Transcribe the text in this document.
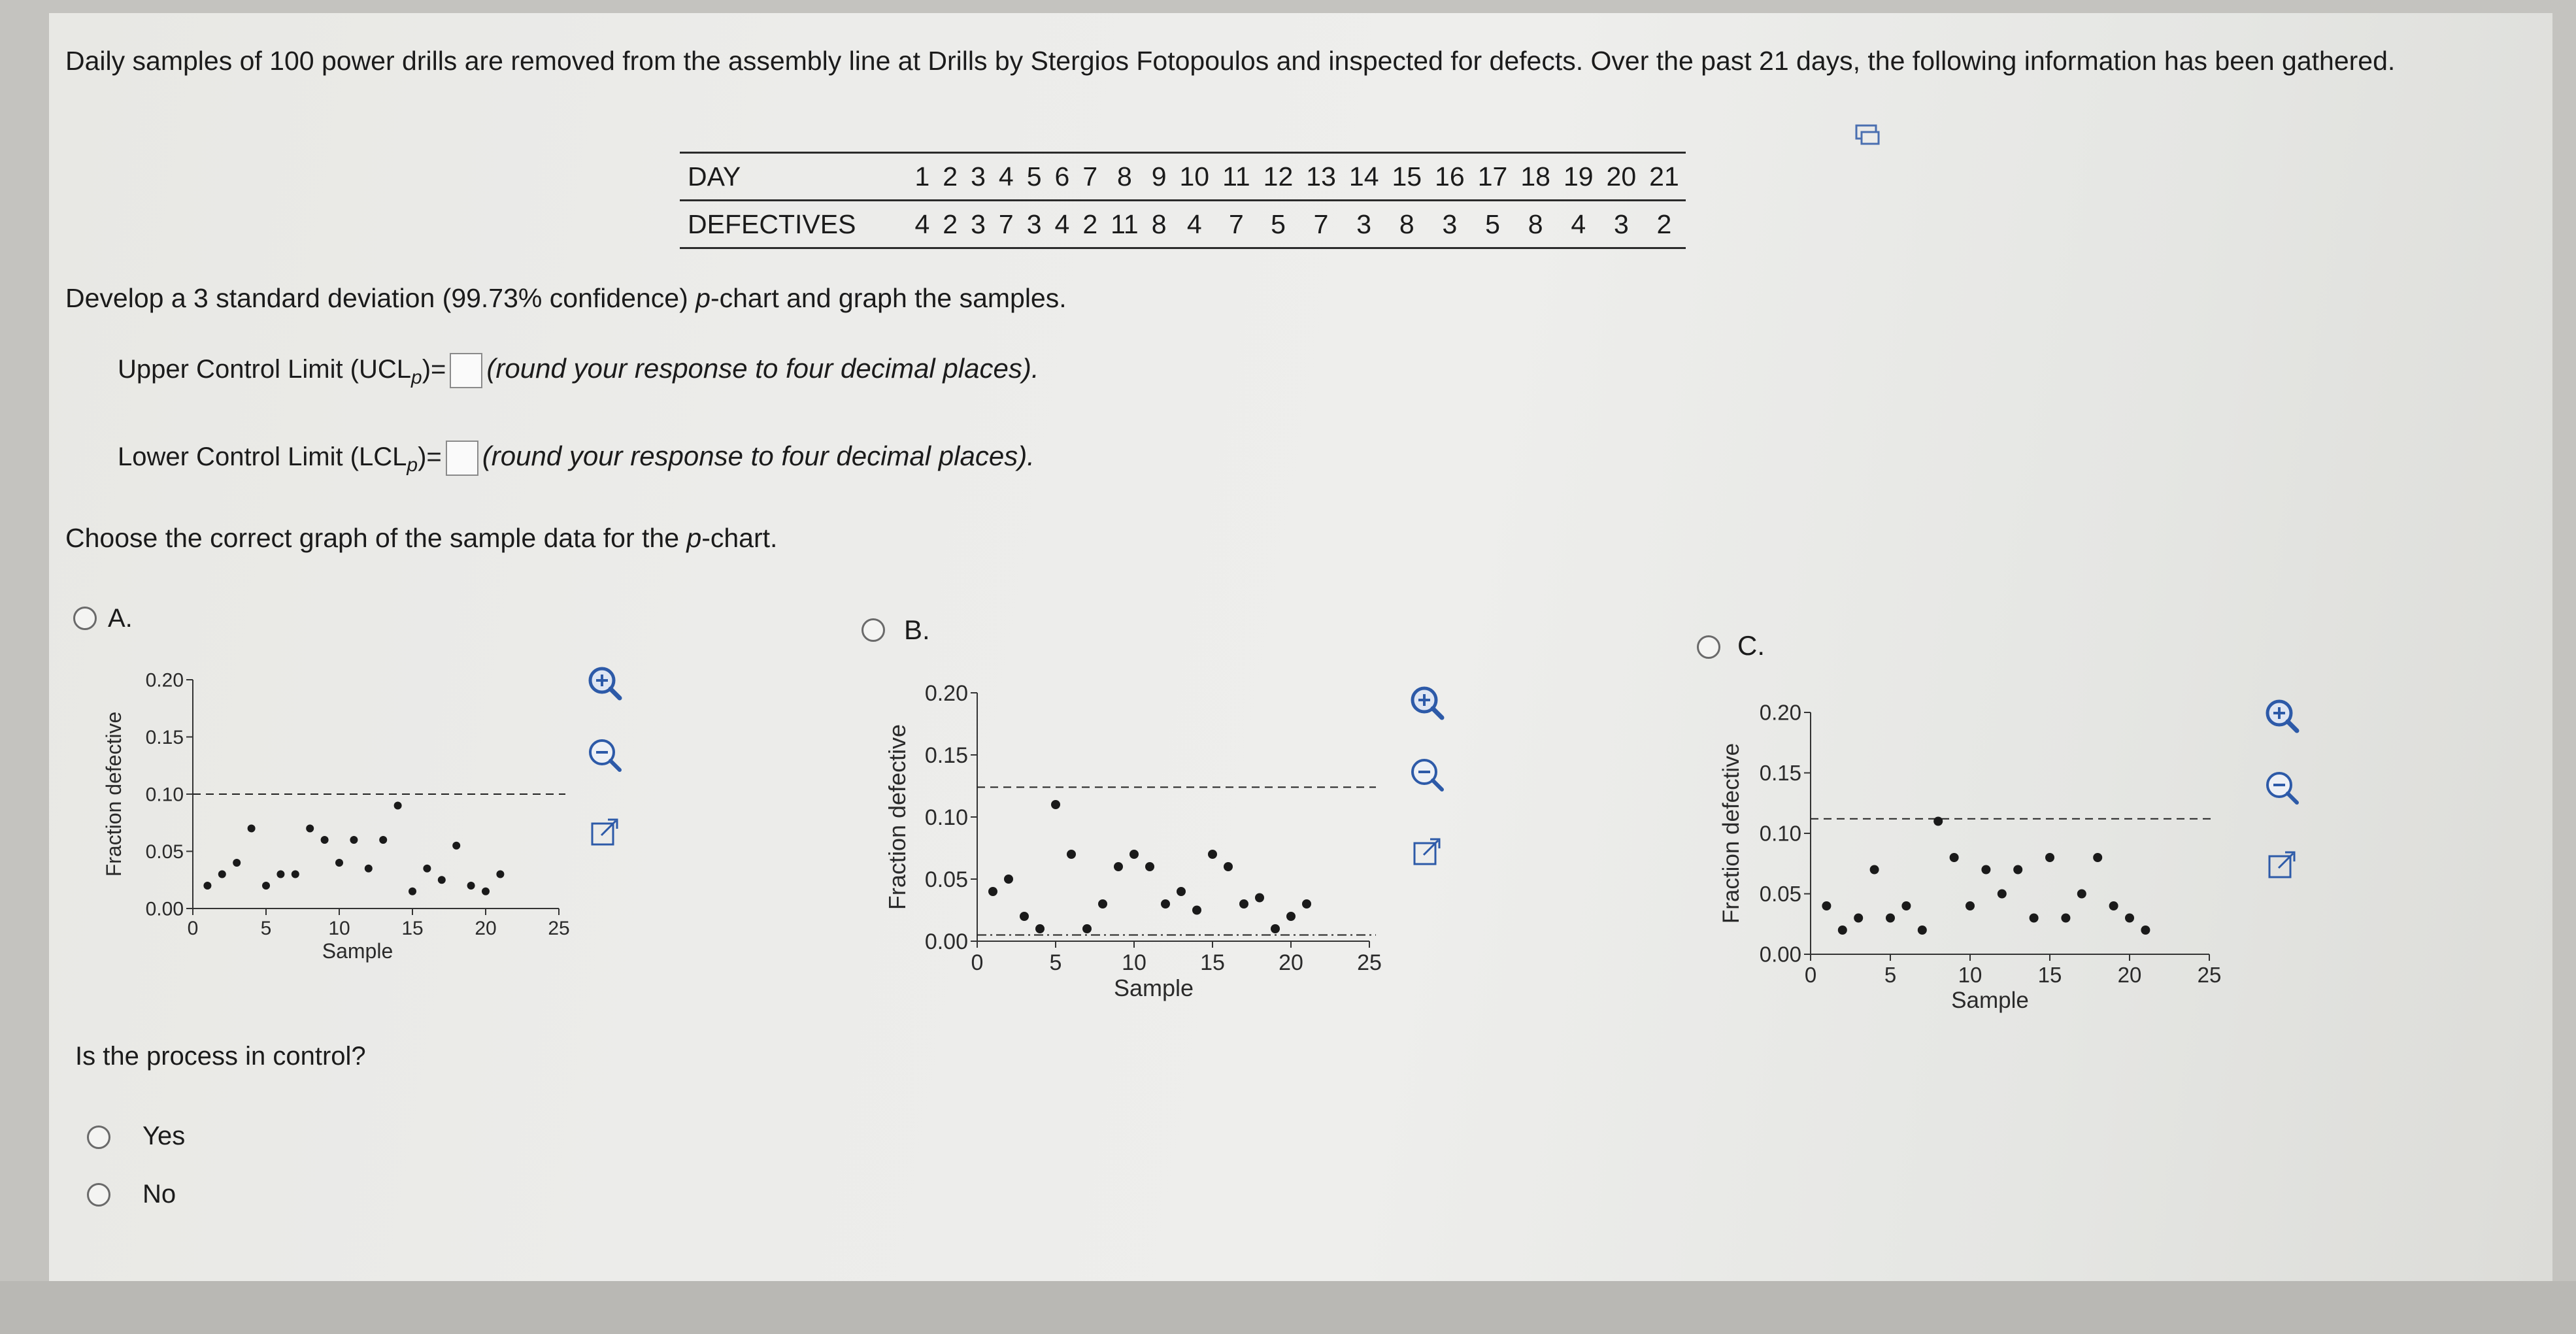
Daily samples of 100 power drills are removed from the assembly line at Drills by Stergios Fotopoulos and inspected for defects. Over the past 21 days, the following information has been gathered.
DAY	1	2	3	4	5	6	7	8	9	10	11	12	13	14	15	16	17	18	19	20	21
DEFECTIVES	4	2	3	7	3	4	2	11	8	4	7	5	7	3	8	3	5	8	4	3	2
Develop a 3 standard deviation (99.73% confidence) p-chart and graph the samples.
Upper Control Limit $(UCL_p)=$ (round your response to four decimal places).
Lower Control Limit $(LCL_p)=$ (round your response to four decimal places).
Choose the correct graph of the sample data for the p-chart.
A.
0.00
0.05
0.10
0.15
0.20
0	5	10	15	20	25
Sample
Fraction defective
B.
0.00
0.05
0.10
0.15
0.20
0	5	10 15 20 25
Sample
Fraction defective
C.
0.00
0.05
0.10
0.15
0.20
0	5	10	15	20	25
Sample
Fraction defective
Is the process in control?
Yes
No
